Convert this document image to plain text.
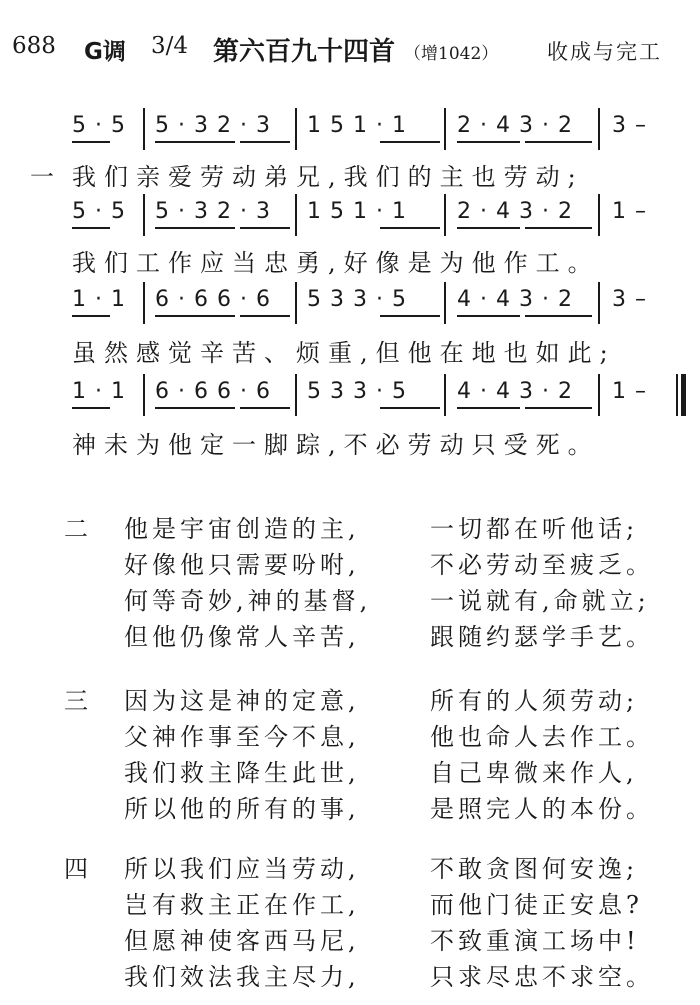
688 G调 3/4 第六百九十四首 （增1042） 收成与完工
5 · 5 5 · 3 2 · 3 1 5 1 · 1 2 · 4 3 · 2 3 –
一 我们亲爱劳动弟兄,我们的主也劳动;
5 · 5 5 · 3 2 · 3 1 5 1 · 1 2 · 4 3 · 2 1 –
我们工作应当忠勇,好像是为他作工。
1 · 1 6 · 6 6 · 6 5 3 3 · 5 4 · 4 3 · 2 3 –
虽然感觉辛苦、烦重,但他在地也如此;
1 · 1 6 · 6 6 · 6 5 3 3 · 5 4 · 4 3 · 2 1 –
神未为他定一脚踪,不必劳动只受死。
二 他是宇宙创造的主,	一切都在听他话;
好像他只需要吩咐,	不必劳动至疲乏。
何等奇妙,神的基督, 一说就有,命就立;
但他仍像常人辛苦,	跟随约瑟学手艺。
三 因为这是神的定意,	所有的人须劳动;
父神作事至今不息,	他也命人去作工。
我们救主降生此世,	自己卑微来作人,
所以他的所有的事,	是照完人的本份。
四 所以我们应当劳动,	不敢贪图何安逸;
岂有救主正在作工,	而他门徒正安息?
但愿神使客西马尼,	不致重演工场中!
我们效法我主尽力,	只求尽忠不求空。
